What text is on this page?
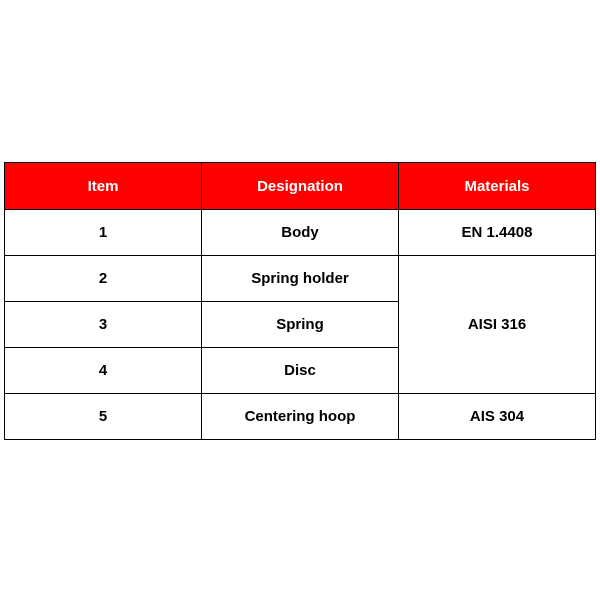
Item	Designation	Materials
1	Body	EN 1.4408
2	Spring holder	AISI 316
3	Spring	
4	Disc	
5	Centering hoop	AIS 304
